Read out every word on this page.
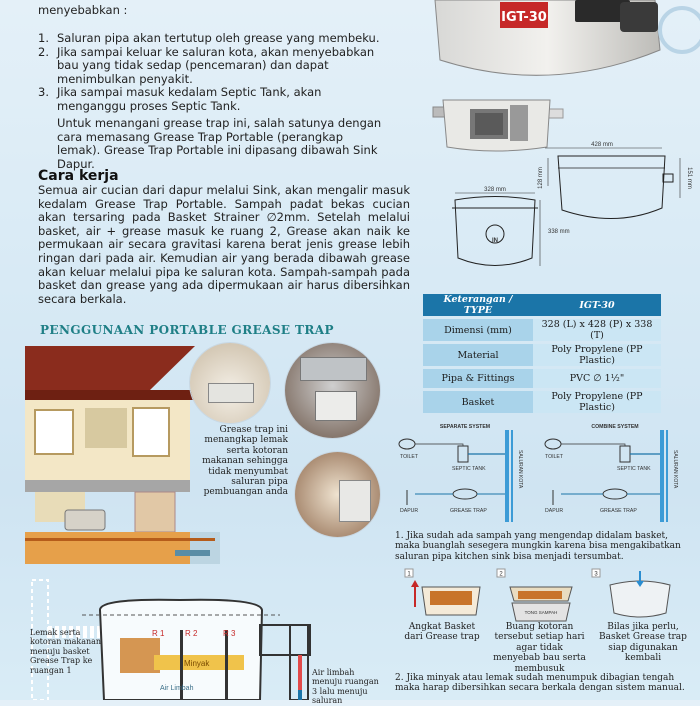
menyebabkan :
1. Saluran pipa akan tertutup oleh grease yang membeku.
2. Jika sampai keluar ke saluran kota, akan menyebabkan bau yang tidak sedap (pencemaran) dan dapat menimbulkan penyakit.
3. Jika sampai masuk kedalam Septic Tank, akan menganggu proses Septic Tank.
Untuk menangani grease trap ini, salah satunya dengan cara memasang Grease Trap Portable (perangkap lemak). Grease Trap Portable ini dipasang dibawah Sink Dapur.
Cara kerja
Semua air cucian dari dapur melalui Sink, akan mengalir masuk kedalam Grease Trap Portable. Sampah padat bekas cucian akan tersaring pada Basket Strainer ∅2mm. Setelah melalui basket, air + grease masuk ke ruang 2, Grease akan naik ke permukaan air secara gravitasi karena berat jenis grease lebih ringan dari pada air. Kemudian air yang berada dibawah grease akan keluar melalui pipa ke saluran kota. Sampah-sampah pada basket dan grease yang ada dipermukaan air harus dibersihkan secara berkala.
IGT-30
428 mm
128 mm	151 mm
328 mm
IN
338 mm
Keterangan / TYPE	IGT-30
Dimensi (mm)	328 (L) x 428 (P) x 338 (T)
Material	Poly Propylene (PP Plastic)
Pipa & Fittings	PVC ∅ 1½"
Basket	Poly Propylene (PP Plastic)
PENGGUNAAN PORTABLE GREASE TRAP
Grease trap ini menangkap lemak serta kotoran makanan sehingga tidak menyumbat saluran pipa pembuangan anda
SEPARATE SYSTEM	COMBINE SYSTEM
TOILET
SEPTIC TANK	SALURAN KOTA
DAPUR	GREASE TRAP
TOILET
SEPTIC TANK	SALURAN KOTA
DAPUR	GREASE TRAP
1. Jika sudah ada sampah yang mengendap didalam basket, maka buanglah sesegera mungkin karena bisa mengakibatkan saluran pipa kitchen sink bisa menjadi tersumbat.
1	2
TONG SAMPAH
3
Angkat Basket dari Grease trap
Buang kotoran tersebut setiap hari agar tidak menyebab bau serta membusuk
Bilas jika perlu, Basket Grease trap siap digunakan kembali
2. Jika minyak atau lemak sudah menumpuk dibagian tengah maka harap dibersihkan secara berkala dengan sistem manual.
R 1	R 2	R 3
Minyak
Air Limbah
Lemak serta kotoran makanan menuju basket Grease Trap ke ruangan 1	Air limbah menuju ruangan 3 lalu menuju saluran
